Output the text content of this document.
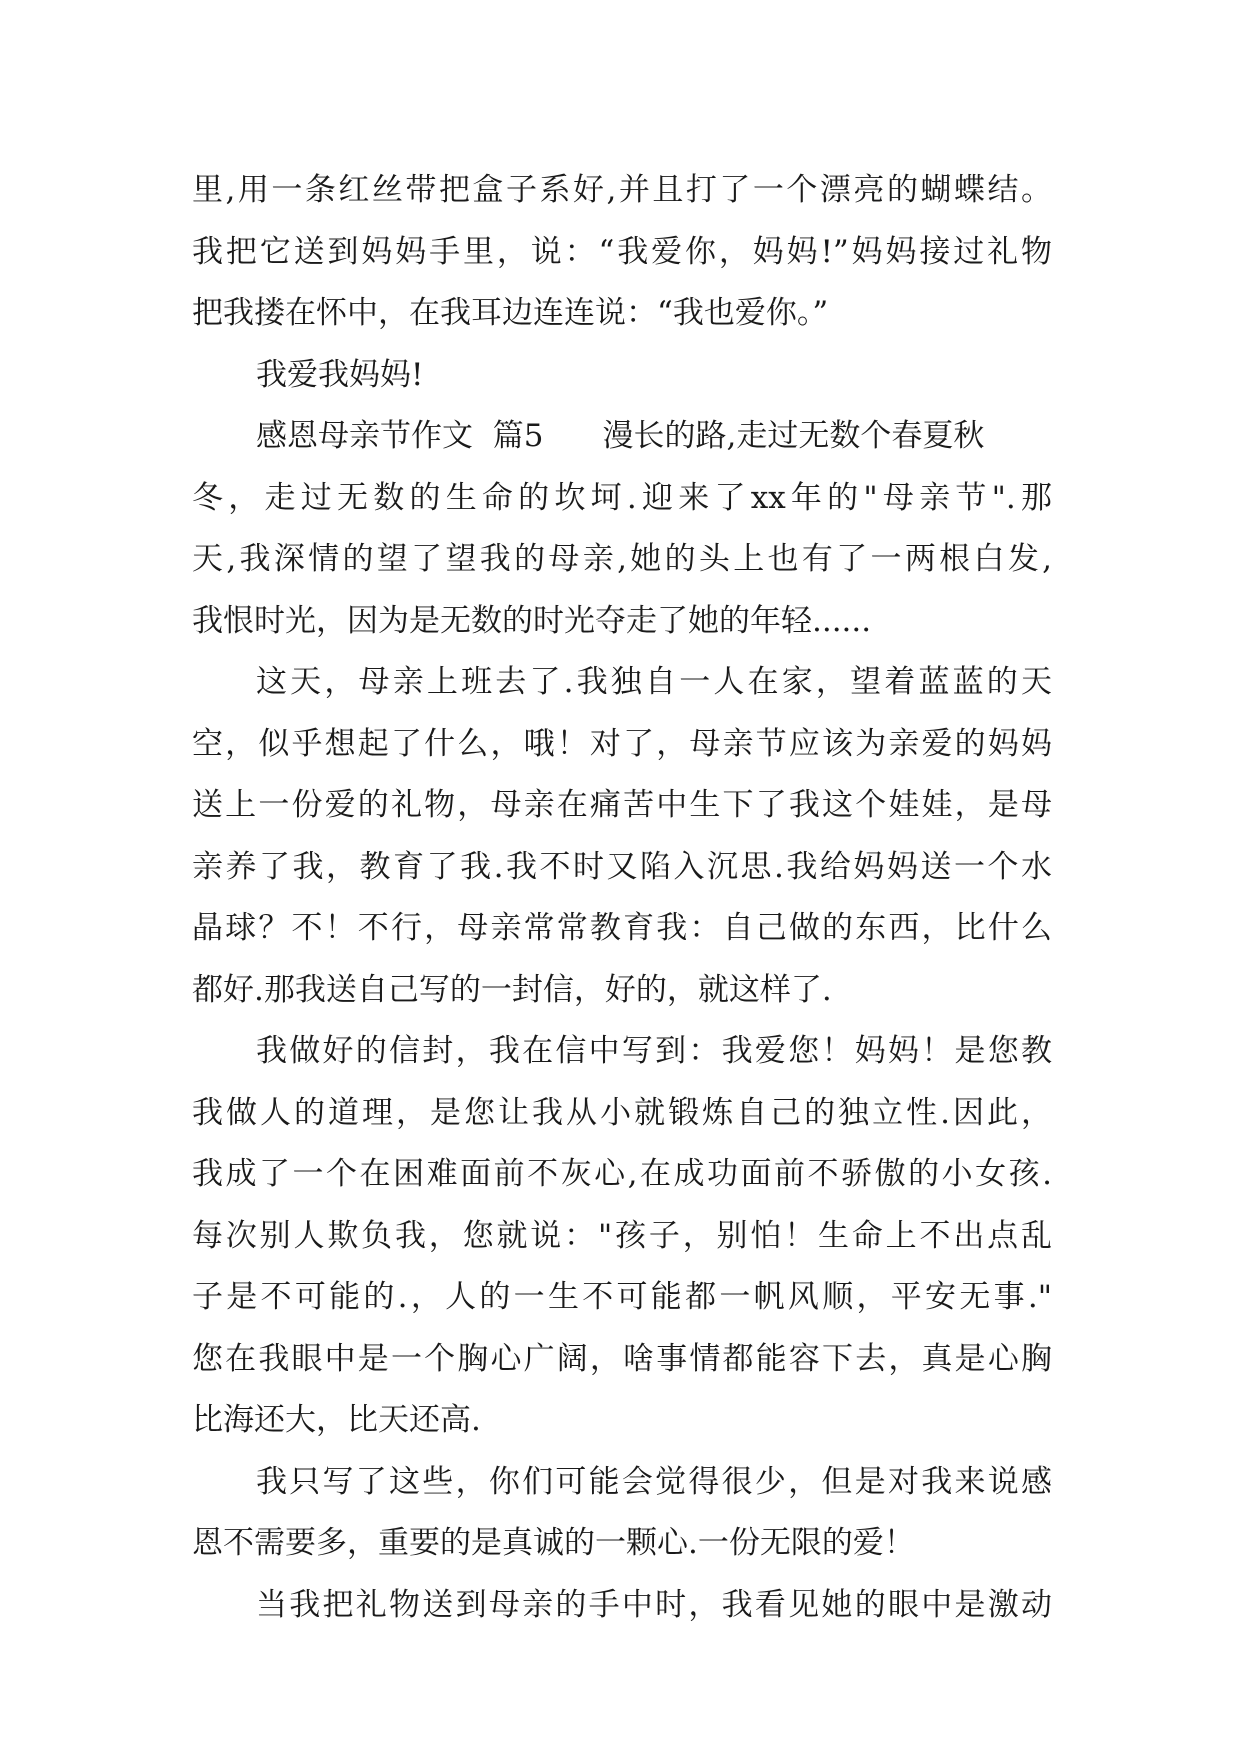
里,用一条红丝带把盒子系好,并且打了一个漂亮的蝴蝶结。
我把它送到妈妈手里，说：“我爱你，妈妈!”妈妈接过礼物
把我搂在怀中，在我耳边连连说：“我也爱你。”
我爱我妈妈!
感恩母亲节作文  篇5      漫长的路,走过无数个春夏秋
冬，走过无数的生命的坎坷.迎来了xx年的"母亲节".那
天,我深情的望了望我的母亲,她的头上也有了一两根白发,
我恨时光，因为是无数的时光夺走了她的年轻......
这天，母亲上班去了.我独自一人在家，望着蓝蓝的天
空，似乎想起了什么，哦！对了，母亲节应该为亲爱的妈妈
送上一份爱的礼物，母亲在痛苦中生下了我这个娃娃，是母
亲养了我，教育了我.我不时又陷入沉思.我给妈妈送一个水
晶球？不！不行，母亲常常教育我：自己做的东西，比什么
都好.那我送自己写的一封信，好的，就这样了.
我做好的信封，我在信中写到：我爱您！妈妈！是您教
我做人的道理，是您让我从小就锻炼自己的独立性.因此，
我成了一个在困难面前不灰心,在成功面前不骄傲的小女孩.
每次别人欺负我，您就说："孩子，别怕！生命上不出点乱
子是不可能的.，人的一生不可能都一帆风顺，平安无事."
您在我眼中是一个胸心广阔，啥事情都能容下去，真是心胸
比海还大，比天还高.
我只写了这些，你们可能会觉得很少，但是对我来说感
恩不需要多，重要的是真诚的一颗心.一份无限的爱！
当我把礼物送到母亲的手中时，我看见她的眼中是激动
